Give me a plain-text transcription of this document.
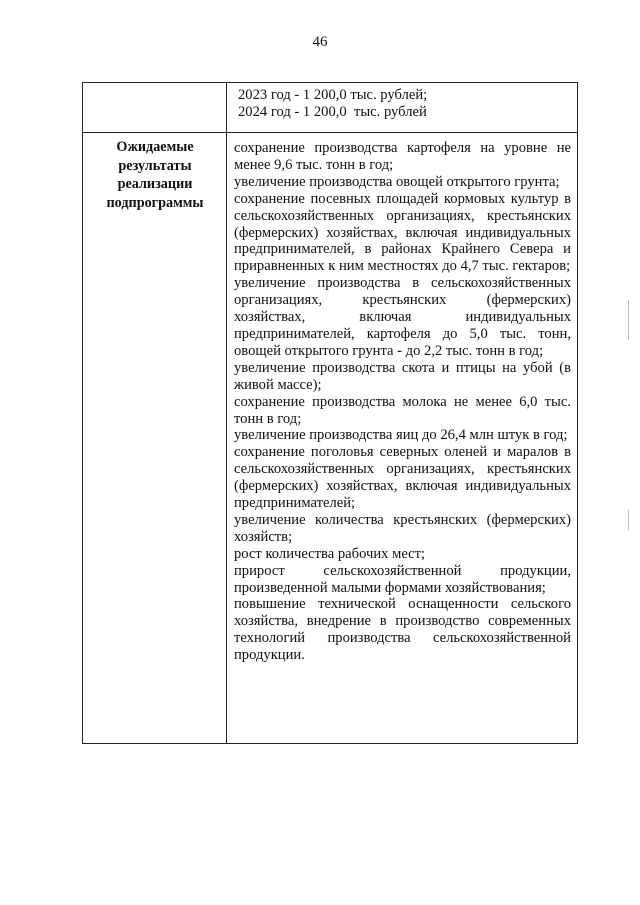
46
2023 год - 1 200,0 тыс. рублей;
2024 год - 1 200,0  тыс. рублей
Ожидаемые результаты реализации подпрограммы

сохранение производства картофеля на уровне не менее 9,6 тыс. тонн в год;

увеличение производства овощей открытого грунта;

сохранение посевных площадей кормовых культур в сельскохозяйственных организациях, крестьянских (фермерских) хозяйствах, включая индивидуальных предпринимателей, в районах Крайнего Севера и приравненных к ним местностях до 4,7 тыс. гектаров;

увеличение производства в сельскохозяйственных организациях, крестьянских (фермерских) хозяйствах, включая индивидуальных предпринимателей, картофеля до 5,0 тыс. тонн, овощей открытого грунта - до 2,2 тыс. тонн в год;

увеличение производства скота и птицы на убой (в живой массе);

сохранение производства молока не менее 6,0 тыс. тонн в год;

увеличение производства яиц до 26,4 млн штук в год;

сохранение поголовья северных оленей и маралов в сельскохозяйственных организациях, крестьянских (фермерских) хозяйствах, включая индивидуальных предпринимателей;

увеличение количества крестьянских (фермерских) хозяйств;

рост количества рабочих мест;

прирост сельскохозяйственной продукции, произведенной малыми формами хозяйствования;

повышение технической оснащенности сельского хозяйства, внедрение в производство современных технологий производства сельскохозяйственной продукции.
